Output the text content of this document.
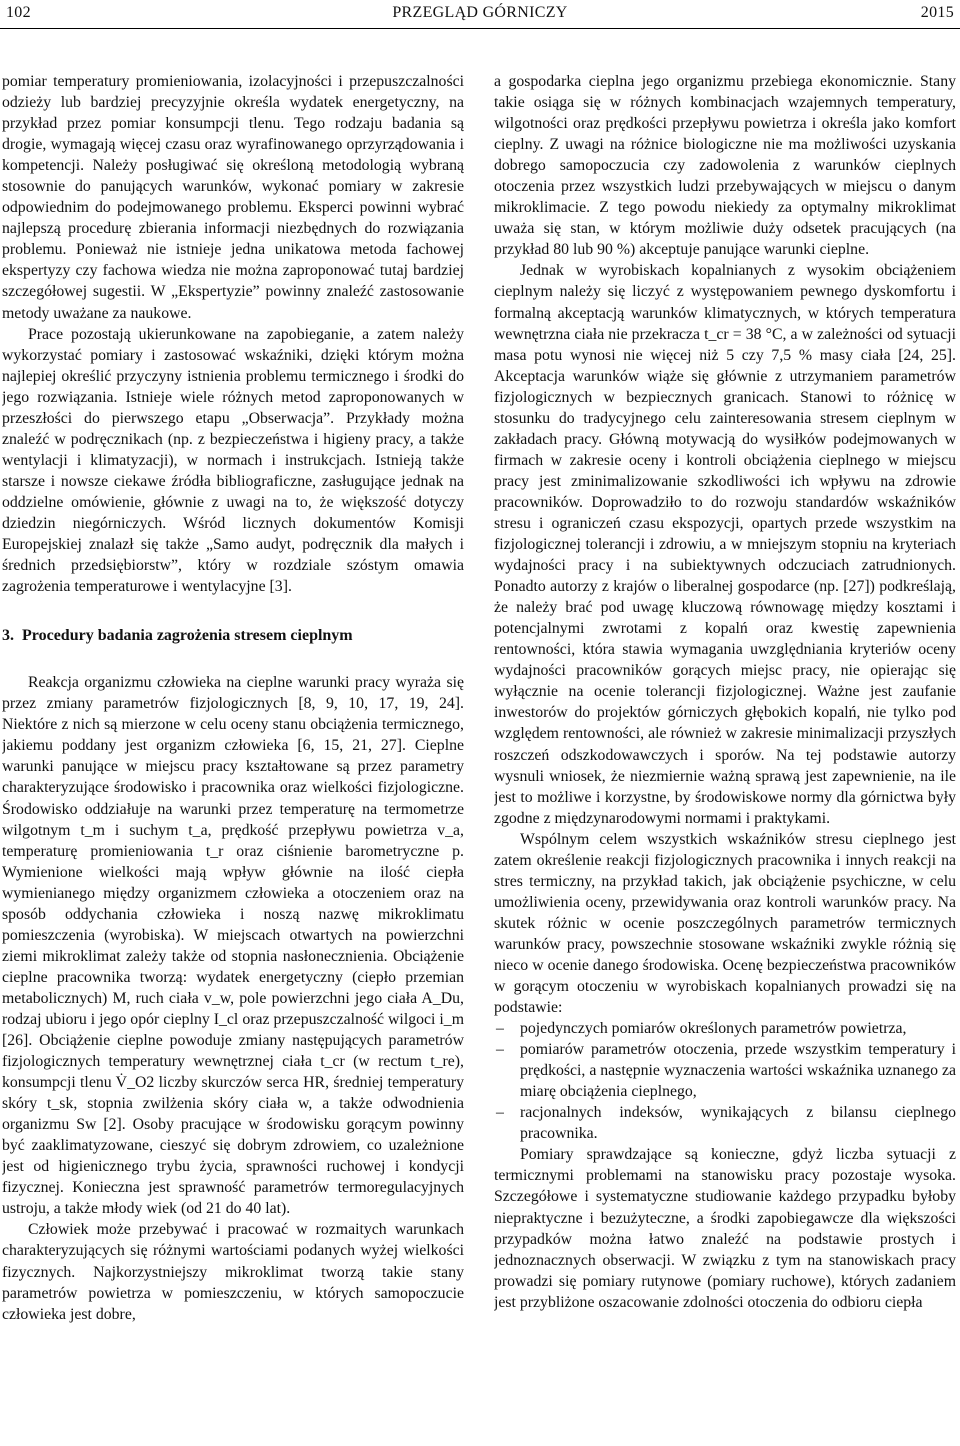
102	PRZEGLĄD GÓRNICZY	2015

pomiar temperatury promieniowania, izolacyjności i przepuszczalności odzieży lub bardziej precyzyjnie określa wydatek energetyczny, na przykład przez pomiar konsumpcji tlenu. Tego rodzaju badania są drogie, wymagają więcej czasu oraz wyrafinowanego oprzyrządowania i kompetencji. Należy posługiwać się określoną metodologią wybraną stosownie do panujących warunków, wykonać pomiary w zakresie odpowiednim do podejmowanego problemu. Eksperci powinni wybrać najlepszą procedurę zbierania informacji niezbędnych do rozwiązania problemu. Ponieważ nie istnieje jedna unikatowa metoda fachowej ekspertyzy czy fachowa wiedza nie można zaproponować tutaj bardziej szczegółowej sugestii. W „Ekspertyzie” powinny znaleźć zastosowanie metody uważane za naukowe.

Prace pozostają ukierunkowane na zapobieganie, a zatem należy wykorzystać pomiary i zastosować wskaźniki, dzięki którym można najlepiej określić przyczyny istnienia problemu termicznego i środki do jego rozwiązania. Istnieje wiele różnych metod zaproponowanych w przeszłości do pierwszego etapu „Obserwacja”. Przykłady można znaleźć w podręcznikach (np. z bezpieczeństwa i higieny pracy, a także wentylacji i klimatyzacji), w normach i instrukcjach. Istnieją także starsze i nowsze ciekawe źródła bibliograficzne, zasługujące jednak na oddzielne omówienie, głównie z uwagi na to, że większość dotyczy dziedzin niegórniczych. Wśród licznych dokumentów Komisji Europejskiej znalazł się także „Samo audyt, podręcznik dla małych i średnich przedsiębiorstw”, który w rozdziale szóstym omawia zagrożenia temperaturowe i wentylacyjne [3].

3. Procedury badania zagrożenia stresem cieplnym

Reakcja organizmu człowieka na cieplne warunki pracy wyraża się przez zmiany parametrów fizjologicznych [8, 9, 10, 17, 19, 24]. Niektóre z nich są mierzone w celu oceny stanu obciążenia termicznego, jakiemu poddany jest organizm człowieka [6, 15, 21, 27]. Cieplne warunki panujące w miejscu pracy kształtowane są przez parametry charakteryzujące środowisko i pracownika oraz wielkości fizjologiczne. Środowisko oddziałuje na warunki przez temperaturę na termometrze wilgotnym t_m i suchym t_a, prędkość przepływu powietrza v_a, temperaturę promieniowania t_r oraz ciśnienie barometryczne p. Wymienione wielkości mają wpływ głównie na ilość ciepła wymienianego między organizmem człowieka a otoczeniem oraz na sposób oddychania człowieka i noszą nazwę mikroklimatu pomieszczenia (wyrobiska). W miejscach otwartych na powierzchni ziemi mikroklimat zależy także od stopnia nasłonecznienia. Obciążenie cieplne pracownika tworzą: wydatek energetyczny (ciepło przemian metabolicznych) M, ruch ciała v_w, pole powierzchni jego ciała A_Du, rodzaj ubioru i jego opór cieplny I_cl oraz przepuszczalność wilgoci i_m [26]. Obciążenie cieplne powoduje zmiany następujących parametrów fizjologicznych temperatury wewnętrznej ciała t_cr (w rectum t_re), konsumpcji tlenu V̇_O2 liczby skurczów serca HR, średniej temperatury skóry t_sk, stopnia zwilżenia skóry ciała w, a także odwodnienia organizmu Sw [2]. Osoby pracujące w środowisku gorącym powinny być zaaklimatyzowane, cieszyć się dobrym zdrowiem, co uzależnione jest od higienicznego trybu życia, sprawności ruchowej i kondycji fizycznej. Konieczna jest sprawność parametrów termoregulacyjnych ustroju, a także młody wiek (od 21 do 40 lat).

Człowiek może przebywać i pracować w rozmaitych warunkach charakteryzujących się różnymi wartościami podanych wyżej wielkości fizycznych. Najkorzystniejszy mikroklimat tworzą takie stany parametrów powietrza w pomieszczeniu, w których samopoczucie człowieka jest dobre,

a gospodarka cieplna jego organizmu przebiega ekonomicznie. Stany takie osiąga się w różnych kombinacjach wzajemnych temperatury, wilgotności oraz prędkości przepływu powietrza i określa jako komfort cieplny. Z uwagi na różnice biologiczne nie ma możliwości uzyskania dobrego samopoczucia czy zadowolenia z warunków cieplnych otoczenia przez wszystkich ludzi przebywających w miejscu o danym mikroklimacie. Z tego powodu niekiedy za optymalny mikroklimat uważa się stan, w którym możliwie duży odsetek pracujących (na przykład 80 lub 90 %) akceptuje panujące warunki cieplne.

Jednak w wyrobiskach kopalnianych z wysokim obciążeniem cieplnym należy się liczyć z występowaniem pewnego dyskomfortu i formalną akceptacją warunków klimatycznych, w których temperatura wewnętrzna ciała nie przekracza t_cr = 38 °C, a w zależności od sytuacji masa potu wynosi nie więcej niż 5 czy 7,5 % masy ciała [24, 25]. Akceptacja warunków wiąże się głównie z utrzymaniem parametrów fizjologicznych w bezpiecznych granicach. Stanowi to różnicę w stosunku do tradycyjnego celu zainteresowania stresem cieplnym w zakładach pracy. Główną motywacją do wysiłków podejmowanych w firmach w zakresie oceny i kontroli obciążenia cieplnego w miejscu pracy jest zminimalizowanie szkodliwości ich wpływu na zdrowie pracowników. Doprowadziło to do rozwoju standardów wskaźników stresu i ograniczeń czasu ekspozycji, opartych przede wszystkim na fizjologicznej tolerancji i zdrowiu, a w mniejszym stopniu na kryteriach wydajności pracy i na subiektywnych odczuciach zatrudnionych. Ponadto autorzy z krajów o liberalnej gospodarce (np. [27]) podkreślają, że należy brać pod uwagę kluczową równowagę między kosztami i potencjalnymi zwrotami z kopalń oraz kwestię zapewnienia rentowności, która stawia wymagania uwzględniania kryteriów oceny wydajności pracowników gorących miejsc pracy, nie opierając się wyłącznie na ocenie tolerancji fizjologicznej. Ważne jest zaufanie inwestorów do projektów górniczych głębokich kopalń, nie tylko pod względem rentowności, ale również w zakresie minimalizacji przyszłych roszczeń odszkodowawczych i sporów. Na tej podstawie autorzy wysnuli wniosek, że niezmiernie ważną sprawą jest zapewnienie, na ile jest to możliwe i korzystne, by środowiskowe normy dla górnictwa były zgodne z międzynarodowymi normami i praktykami.

Wspólnym celem wszystkich wskaźników stresu cieplnego jest zatem określenie reakcji fizjologicznych pracownika i innych reakcji na stres termiczny, na przykład takich, jak obciążenie psychiczne, w celu umożliwienia oceny, przewidywania oraz kontroli warunków pracy. Na skutek różnic w ocenie poszczególnych parametrów termicznych warunków pracy, powszechnie stosowane wskaźniki zwykle różnią się nieco w ocenie danego środowiska. Ocenę bezpieczeństwa pracowników w gorącym otoczeniu w wyrobiskach kopalnianych prowadzi się na podstawie:

– pojedynczych pomiarów określonych parametrów powietrza,
– pomiarów parametrów otoczenia, przede wszystkim temperatury i prędkości, a następnie wyznaczenia wartości wskaźnika uznanego za miarę obciążenia cieplnego,
– racjonalnych indeksów, wynikających z bilansu cieplnego pracownika.

Pomiary sprawdzające są konieczne, gdyż liczba sytuacji z termicznymi problemami na stanowisku pracy pozostaje wysoka. Szczegółowe i systematyczne studiowanie każdego przypadku byłoby niepraktyczne i bezużyteczne, a środki zapobiegawcze dla większości przypadków można łatwo znaleźć na podstawie prostych i jednoznacznych obserwacji. W związku z tym na stanowiskach pracy prowadzi się pomiary rutynowe (pomiary ruchowe), których zadaniem jest przybliżone oszacowanie zdolności otoczenia do odbioru ciepła
